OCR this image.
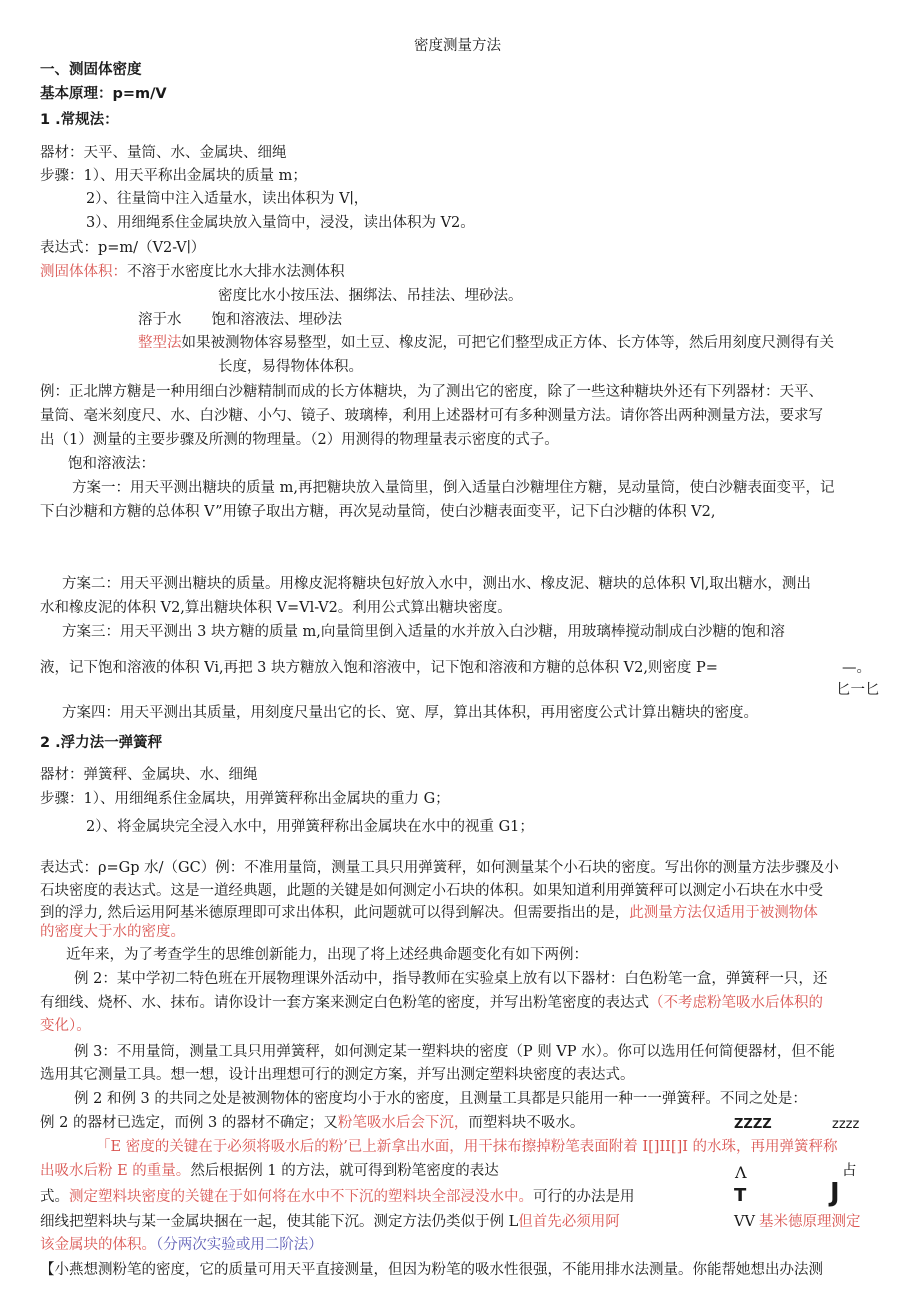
密度测量方法
一、测固体密度
基本原理：p=m/V
1 .常规法：
器材：天平、量筒、水、金属块、细绳
步骤：1）、用天平称出金属块的质量 m；
2）、往量筒中注入适量水，读出体积为 V∣，
3）、用细绳系住金属块放入量筒中，浸没，读出体积为 V2。
表达式：p=m/（V2-V∣）
测固体体积：不溶于水密度比水大排水法测体积
密度比水小按压法、捆绑法、吊挂法、埋砂法。
溶于水 饱和溶液法、埋砂法
整型法如果被测物体容易整型，如土豆、橡皮泥，可把它们整型成正方体、长方体等，然后用刻度尺测得有关
长度，易得物体体积。
例：正北牌方糖是一种用细白沙糖精制而成的长方体糖块，为了测出它的密度，除了一些这种糖块外还有下列器材：天平、
量筒、毫米刻度尺、水、白沙糖、小勺、镜子、玻璃棒，利用上述器材可有多种测量方法。请你答出两种测量方法，要求写
出（1）测量的主要步骤及所测的物理量。（2）用测得的物理量表示密度的式子。
饱和溶液法：
方案一：用天平测出糖块的质量 m,再把糖块放入量筒里，倒入适量白沙糖埋住方糖，晃动量筒，使白沙糖表面变平，记
下白沙糖和方糖的总体积 V”用镣子取出方糖，再次晃动量筒，使白沙糖表面变平，记下白沙糖的体积 V2,
方案二：用天平测出糖块的质量。用橡皮泥将糖块包好放入水中，测出水、橡皮泥、糖块的总体积 V∣,取出糖水，测出
水和橡皮泥的体积 V2,算出糖块体积 V=Vl-V2。利用公式算出糖块密度。
方案三：用天平测出 3 块方糖的质量 m,向量筒里倒入适量的水并放入白沙糖，用玻璃棒搅动制成白沙糖的饱和溶
液，记下饱和溶液的体积 Vi,再把 3 块方糖放入饱和溶液中，记下饱和溶液和方糖的总体积 V2,则密度 P=	—。
匕一匕
方案四：用天平测出其质量，用刻度尺量出它的长、宽、厚，算出其体积，再用密度公式计算出糖块的密度。
2 .浮力法一弹簧秤
器材：弹簧秤、金属块、水、细绳
步骤：1）、用细绳系住金属块，用弹簧秤称出金属块的重力 G；
2）、将金属块完全浸入水中，用弹簧秤称出金属块在水中的视重 G1；
表达式：ρ=Gp 水/（GC）例：不准用量筒，测量工具只用弹簧秤，如何测量某个小石块的密度。写出你的测量方法步骤及小
石块密度的表达式。这是一道经典题，此题的关键是如何测定小石块的体积。如果知道利用弹簧秤可以测定小石块在水中受
到的浮力, 然后运用阿基米德原理即可求出体积，此问题就可以得到解决。但需要指出的是，此测量方法仅适用于被测物体
的密度大于水的密度。
近年来，为了考查学生的思维创新能力，出现了将上述经典命题变化有如下两例：
例 2：某中学初二特色班在开展物理课外活动中，指导教师在实验桌上放有以下器材：白色粉笔一盒，弹簧秤一只，还
有细线、烧杯、水、抹布。请你设计一套方案来测定白色粉笔的密度，并写出粉笔密度的表达式（不考虑粉笔吸水后体积的
变化）。
例 3：不用量筒，测量工具只用弹簧秤，如何测定某一塑料块的密度（P 则 VP 水）。你可以选用任何简便器材，但不能
选用其它测量工具。想一想，设计出理想可行的测定方案，并写出测定塑料块密度的表达式。
例 2 和例 3 的共同之处是被测物体的密度均小于水的密度，且测量工具都是只能用一种一一弹簧秤。不同之处是：
例 2 的器材已选定，而例 3 的器材不确定；又粉笔吸水后会下沉，而塑料块不吸水。	ZZZZ	zzzz
「E 密度的关键在于必须将吸水后的粉’已上新拿出水面，用干抹布擦掉粉笔表面附着 I[]II[]I 的水珠，再用弹簧秤称
出吸水后粉 E 的重量。然后根据例 1 的方法，就可得到粉笔密度的表达	Λ	占
式。测定塑料块密度的关键在于如何将在水中不下沉的塑料块全部浸没水中。可行的办法是用	T	J
细线把塑料块与某一金属块捆在一起，使其能下沉。测定方法仍类似于例 L但首先必须用阿	VV 基米德原理测定
该金属块的体积。（分两次实验或用二阶法）
【小燕想测粉笔的密度，它的质量可用天平直接测量，但因为粉笔的吸水性很强，不能用排水法测量。你能帮她想出办法测
